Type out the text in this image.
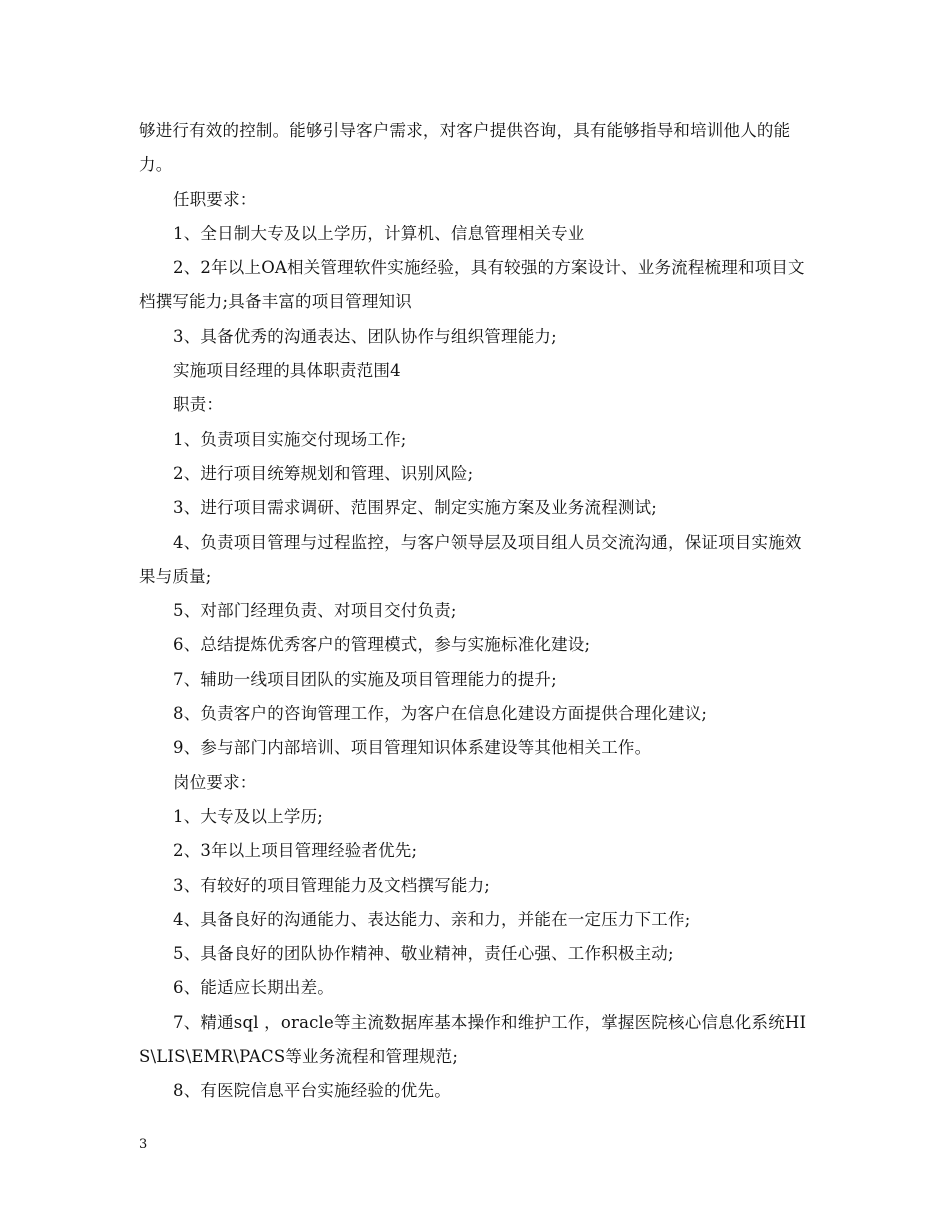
够进行有效的控制。能够引导客户需求，对客户提供咨询，具有能够指导和培训他人的能力。

任职要求：

1、全日制大专及以上学历，计算机、信息管理相关专业

2、2年以上OA相关管理软件实施经验，具有较强的方案设计、业务流程梳理和项目文档撰写能力;具备丰富的项目管理知识

3、具备优秀的沟通表达、团队协作与组织管理能力;

实施项目经理的具体职责范围4

职责：

1、负责项目实施交付现场工作;

2、进行项目统筹规划和管理、识别风险;

3、进行项目需求调研、范围界定、制定实施方案及业务流程测试;

4、负责项目管理与过程监控，与客户领导层及项目组人员交流沟通，保证项目实施效果与质量;

5、对部门经理负责、对项目交付负责;

6、总结提炼优秀客户的管理模式，参与实施标准化建设;

7、辅助一线项目团队的实施及项目管理能力的提升;

8、负责客户的咨询管理工作，为客户在信息化建设方面提供合理化建议;

9、参与部门内部培训、项目管理知识体系建设等其他相关工作。

岗位要求：

1、大专及以上学历;

2、3年以上项目管理经验者优先;

3、有较好的项目管理能力及文档撰写能力;

4、具备良好的沟通能力、表达能力、亲和力，并能在一定压力下工作;

5、具备良好的团队协作精神、敬业精神，责任心强、工作积极主动;

6、能适应长期出差。

7、精通sql ，oracle等主流数据库基本操作和维护工作，掌握医院核心信息化系统HIS\LIS\EMR\PACS等业务流程和管理规范;

8、有医院信息平台实施经验的优先。

3
